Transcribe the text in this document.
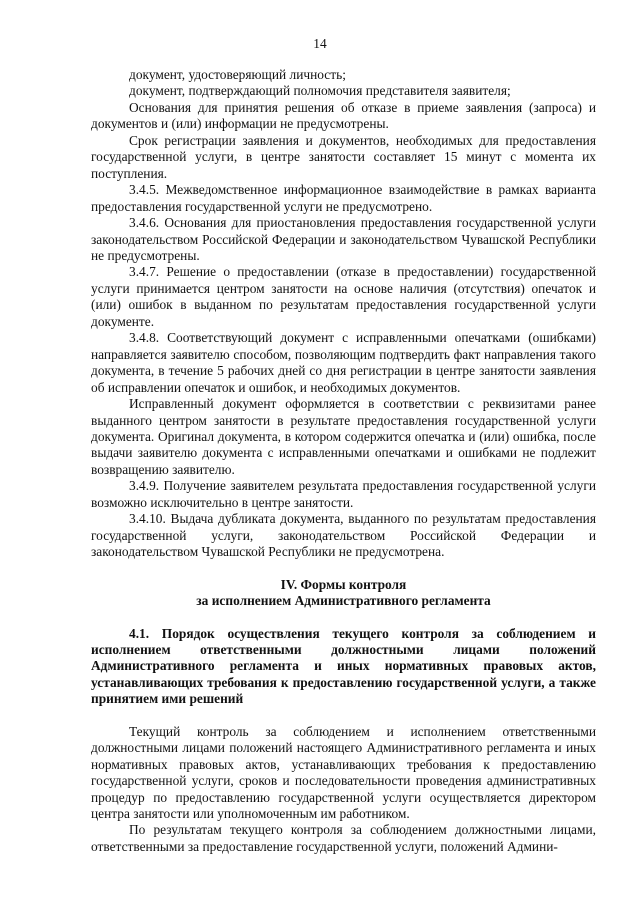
14

документ, удостоверяющий личность;

документ, подтверждающий полномочия представителя заявителя;

Основания для принятия решения об отказе в приеме заявления (запроса) и документов и (или) информации не предусмотрены.

Срок регистрации заявления и документов, необходимых для предоставления государственной услуги, в центре занятости составляет 15 минут с момента их поступления.

3.4.5. Межведомственное информационное взаимодействие в рамках варианта предоставления государственной услуги не предусмотрено.

3.4.6. Основания для приостановления предоставления государственной услуги законодательством Российской Федерации и законодательством Чувашской Республики не предусмотрены.

3.4.7. Решение о предоставлении (отказе в предоставлении) государственной услуги принимается центром занятости на основе наличия (отсутствия) опечаток и (или) ошибок в выданном по результатам предоставления государственной услуги документе.

3.4.8. Соответствующий документ с исправленными опечатками (ошибками) направляется заявителю способом, позволяющим подтвердить факт направления такого документа, в течение 5 рабочих дней со дня регистрации в центре занятости заявления об исправлении опечаток и ошибок, и необходимых документов.

Исправленный документ оформляется в соответствии с реквизитами ранее выданного центром занятости в результате предоставления государственной услуги документа. Оригинал документа, в котором содержится опечатка и (или) ошибка, после выдачи заявителю документа с исправленными опечатками и ошибками не подлежит возвращению заявителю.

3.4.9. Получение заявителем результата предоставления государственной услуги возможно исключительно в центре занятости.

3.4.10. Выдача дубликата документа, выданного по результатам предоставления государственной услуги, законодательством Российской Федерации и законодательством Чувашской Республики не предусмотрена.

IV. Формы контроля
за исполнением Административного регламента

4.1. Порядок осуществления текущего контроля за соблюдением и исполнением ответственными должностными лицами положений Административного регламента и иных нормативных правовых актов, устанавливающих требования к предоставлению государственной услуги, а также принятием ими решений

Текущий контроль за соблюдением и исполнением ответственными должностными лицами положений настоящего Административного регламента и иных нормативных правовых актов, устанавливающих требования к предоставлению государственной услуги, сроков и последовательности проведения административных процедур по предоставлению государственной услуги осуществляется директором центра занятости или уполномоченным им работником.

По результатам текущего контроля за соблюдением должностными лицами, ответственными за предоставление государственной услуги, положений Админи-
